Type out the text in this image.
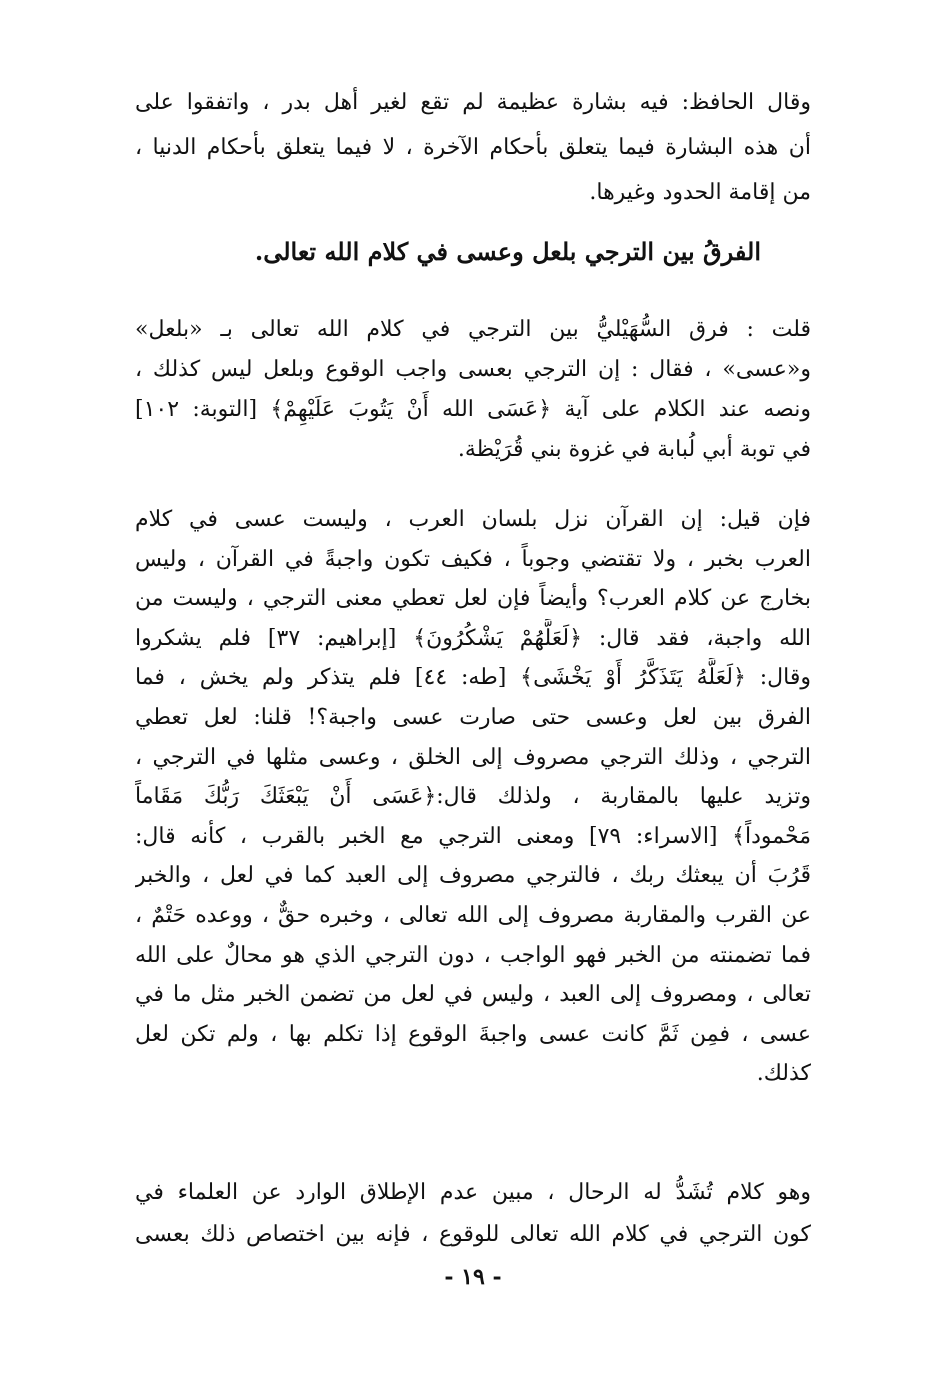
وقال الحافظ: فيه بشارة عظيمة لم تقع لغير أهل بدر ، واتفقوا على
أن هذه البشارة فيما يتعلق بأحكام الآخرة ، لا فيما يتعلق بأحكام الدنيا ،
من إقامة الحدود وغيرها.
الفرقُ بين الترجي بلعل وعسى في كلام الله تعالى.
قلت : فرق السُّهَيْليُّ بين الترجي في كلام الله تعالى بـ «بلعل»
و«عسى» ، فقال : إن الترجي بعسى واجب الوقوع وبلعل ليس كذلك ،
ونصه عند الكلام على آية ﴿عَسَى الله أَنْ يَتُوبَ عَلَيْهِمْ﴾ [التوبة: ١٠٢]
في توبة أبي لُبابة في غزوة بني قُرَيْظة.
فإن قيل: إن القرآن نزل بلسان العرب ، وليست عسى في كلام
العرب بخبر ، ولا تقتضي وجوباً ، فكيف تكون واجبةً في القرآن ، وليس
بخارج عن كلام العرب؟ وأيضاً فإن لعل تعطي معنى الترجي ، وليست من
الله واجبة، فقد قال: ﴿لَعَلَّهُمْ يَشْكُرُونَ﴾ [إبراهيم: ٣٧] فلم يشكروا
وقال: ﴿لَعَلَّهُ يَتَذَكَّرُ أَوْ يَخْشَى﴾ [طه: ٤٤] فلم يتذكر ولم يخش ، فما
الفرق بين لعل وعسى حتى صارت عسى واجبة؟! قلنا: لعل تعطي
الترجي ، وذلك الترجي مصروف إلى الخلق ، وعسى مثلها في الترجي ،
وتزيد عليها بالمقاربة ، ولذلك قال:﴿عَسَى أَنْ يَبْعَثَكَ رَبُّكَ مَقَاماً
مَحْموداً﴾ [الاسراء: ٧٩] ومعنى الترجي مع الخبر بالقرب ، كأنه قال:
قَرُبَ أن يبعثك ربك ، فالترجي مصروف إلى العبد كما في لعل ، والخبر
عن القرب والمقاربة مصروف إلى الله تعالى ، وخبره حقٌّ ، ووعده حَتْمٌ ،
فما تضمنته من الخبر فهو الواجب ، دون الترجي الذي هو محالٌ على الله
تعالى ، ومصروف إلى العبد ، وليس في لعل من تضمن الخبر مثل ما في
عسى ، فمِن ثَمَّ كانت عسى واجبةَ الوقوع إذا تكلم بها ، ولم تكن لعل
كذلك.
وهو كلام تُشَدُّ له الرحال ، مبين عدم الإطلاق الوارد عن العلماء في
كون الترجي في كلام الله تعالى للوقوع ، فإنه بين اختصاص ذلك بعسى
- ١٩ -
